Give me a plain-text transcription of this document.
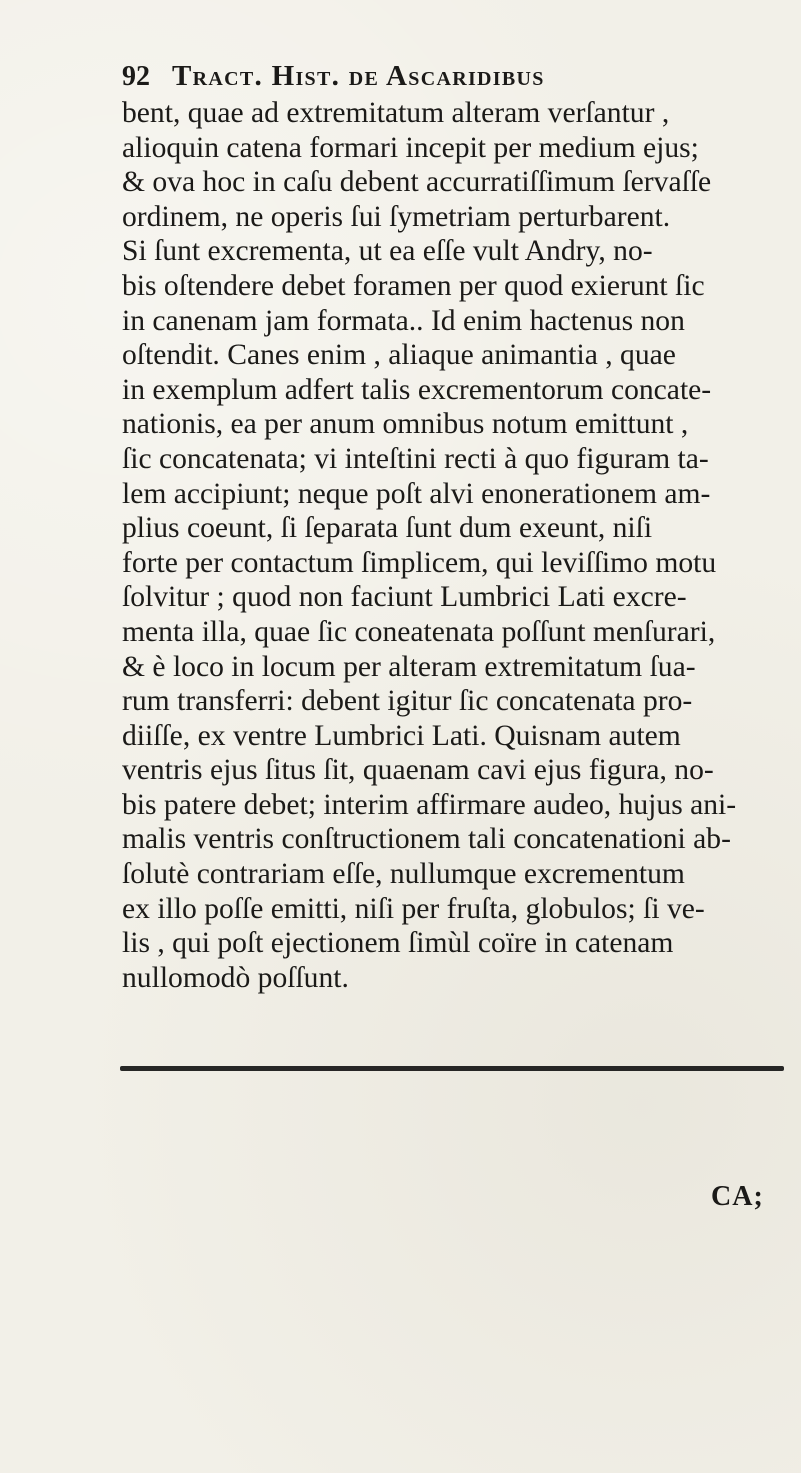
92 Tract. Hist. de Ascaridibus
bent, quae ad extremitatum alteram verſantur ,
alioquin catena formari incepit per medium ejus;
& ova hoc in caſu debent accurratiſſimum ſervaſſe
ordinem, ne operis ſui ſymetriam perturbarent.
Si ſunt excrementa, ut ea eſſe vult Andry, no-
bis oſtendere debet foramen per quod exierunt ſic
in canenam jam formata.. Id enim hactenus non
oſtendit. Canes enim , aliaque animantia , quae
in exemplum adfert talis excrementorum concate-
nationis, ea per anum omnibus notum emittunt ,
ſic concatenata; vi inteſtini recti à quo figuram ta-
lem accipiunt; neque poſt alvi enonerationem am-
plius coeunt, ſi ſeparata ſunt dum exeunt, niſi
forte per contactum ſimplicem, qui leviſſimo motu
ſolvitur ; quod non faciunt Lumbrici Lati excre-
menta illa, quae ſic coneatenata poſſunt menſurari,
& è loco in locum per alteram extremitatum ſua-
rum transferri: debent igitur ſic concatenata pro-
diiſſe, ex ventre Lumbrici Lati. Quisnam autem
ventris ejus ſitus ſit, quaenam cavi ejus figura, no-
bis patere debet; interim affirmare audeo, hujus ani-
malis ventris conſtructionem tali concatenationi ab-
ſolutè contrariam eſſe, nullumque excrementum
ex illo poſſe emitti, niſi per fruſta, globulos; ſi ve-
lis , qui poſt ejectionem ſimùl coïre in catenam
nullomodò poſſunt.
CA;
